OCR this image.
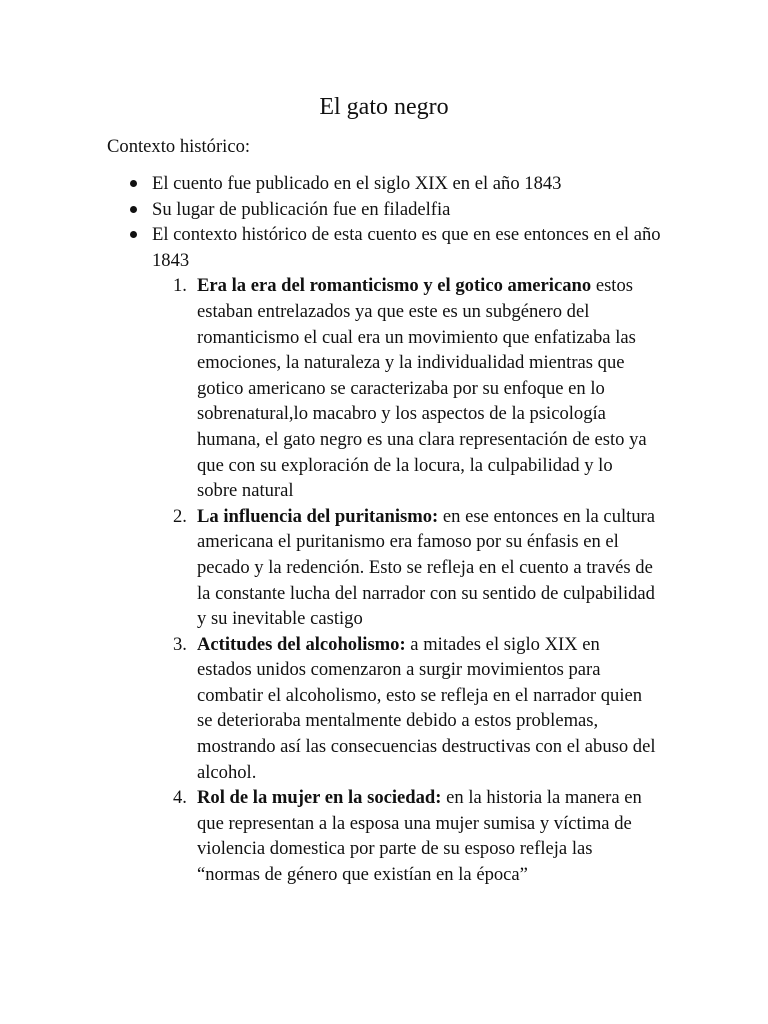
El gato negro

Contexto histórico:

El cuento fue publicado en el siglo XIX en el año 1843
Su lugar de publicación fue en filadelfia
El contexto histórico de esta cuento es que en ese entonces en el año 1843
1. Era la era del romanticismo y el gotico americano estos estaban entrelazados ya que este es un subgénero del romanticismo el cual era un movimiento que enfatizaba las emociones, la naturaleza y la individualidad mientras que gotico americano se caracterizaba por su enfoque en lo sobrenatural,lo macabro y los aspectos de la psicología humana, el gato negro es una clara representación de esto ya que con su exploración de la locura, la culpabilidad y lo sobre natural
2. La influencia del puritanismo: en ese entonces en la cultura americana el puritanismo era famoso por su énfasis en el pecado y la redención. Esto se refleja en el cuento a través de la constante lucha del narrador con su sentido de culpabilidad y su inevitable castigo
3. Actitudes del alcoholismo: a mitades el siglo XIX en estados unidos comenzaron a surgir movimientos para combatir el alcoholismo, esto se refleja en el narrador quien se deterioraba mentalmente debido a estos problemas, mostrando así las consecuencias destructivas con el abuso del alcohol.
4. Rol de la mujer en la sociedad: en la historia la manera en que representan a la esposa una mujer sumisa y víctima de violencia domestica por parte de su esposo refleja las “normas de género que existían en la época”
